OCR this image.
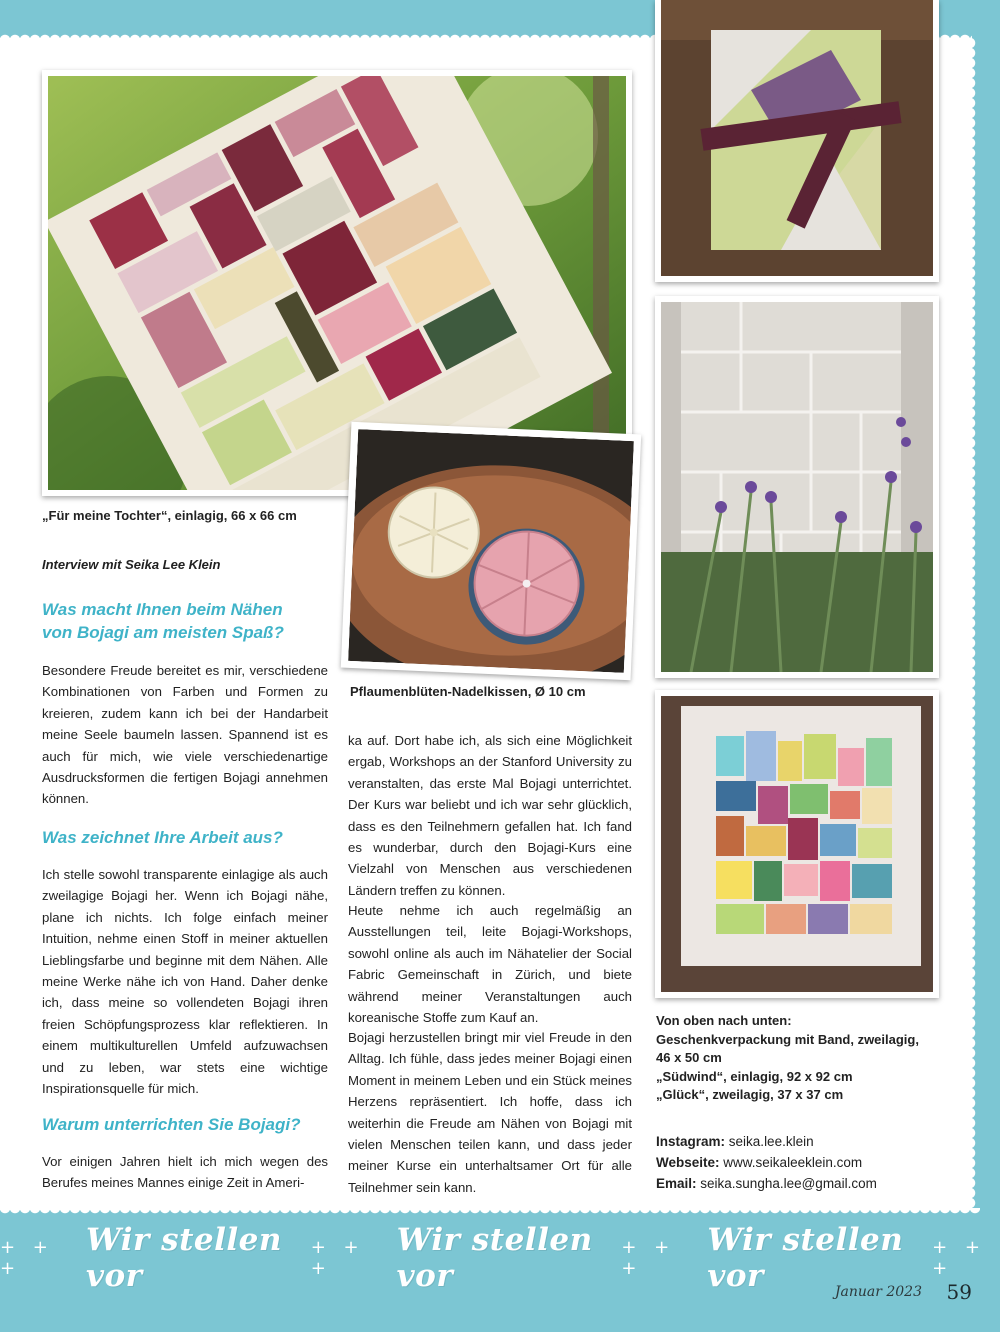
„Für meine Tochter“, einlagig, 66 x 66 cm
Pflaumenblüten-Nadelkissen, Ø 10 cm
Interview mit Seika Lee Klein
Was macht Ihnen beim Nähen
von Bojagi am meisten Spaß?

Besondere Freude bereitet es mir, verschiedene Kombinationen von Farben und Formen zu kreieren, zudem kann ich bei der Handarbeit meine Seele baumeln lassen. Spannend ist es auch für mich, wie viele verschiedenartige Ausdrucksformen die fertigen Bojagi annehmen können.

Was zeichnet Ihre Arbeit aus?

Ich stelle sowohl transparente einlagige als auch zweilagige Bojagi her. Wenn ich Bojagi nähe, plane ich nichts. Ich folge einfach meiner Intuition, nehme einen Stoff in meiner aktuellen Lieblingsfarbe und beginne mit dem Nähen. Alle meine Werke nähe ich von Hand. Daher denke ich, dass meine so vollendeten Bojagi ihren freien Schöpfungsprozess klar reflektieren. In einem multikulturellen Umfeld aufzuwachsen und zu leben, war stets eine wichtige Inspirationsquelle für mich.

Warum unterrichten Sie Bojagi?

Vor einigen Jahren hielt ich mich wegen des Berufes meines Mannes einige Zeit in Ameri-

ka auf. Dort habe ich, als sich eine Möglichkeit ergab, Workshops an der Stanford University zu veranstalten, das erste Mal Bojagi unterrichtet. Der Kurs war beliebt und ich war sehr glücklich, dass es den Teilnehmern gefallen hat. Ich fand es wunderbar, durch den Bojagi-Kurs eine Vielzahl von Menschen aus verschiedenen Ländern treffen zu können.

Heute nehme ich auch regelmäßig an Ausstellungen teil, leite Bojagi-Workshops, sowohl online als auch im Nähatelier der Social Fabric Gemeinschaft in Zürich, und biete während meiner Veranstaltungen auch koreanische Stoffe zum Kauf an.

Bojagi herzustellen bringt mir viel Freude in den Alltag. Ich fühle, dass jedes meiner Bojagi einen Moment in meinem Leben und ein Stück meines Herzens repräsentiert. Ich hoffe, dass ich weiterhin die Freude am Nähen von Bojagi mit vielen Menschen teilen kann, und dass jeder meiner Kurse ein unterhaltsamer Ort für alle Teilnehmer sein kann.

Von oben nach unten:
Geschenkverpackung mit Band, zweilagig,
46 x 50 cm
„Südwind“, einlagig, 92 x 92 cm
„Glück“, zweilagig, 37 x 37 cm
Instagram: seika.lee.klein
Webseite: www.seikaleeklein.com
Email: seika.sungha.lee@gmail.com
+ + +
Wir stellen vor
+ + +
Wir stellen vor
+ + +
Wir stellen vor
+ + +
Januar 2023 59
